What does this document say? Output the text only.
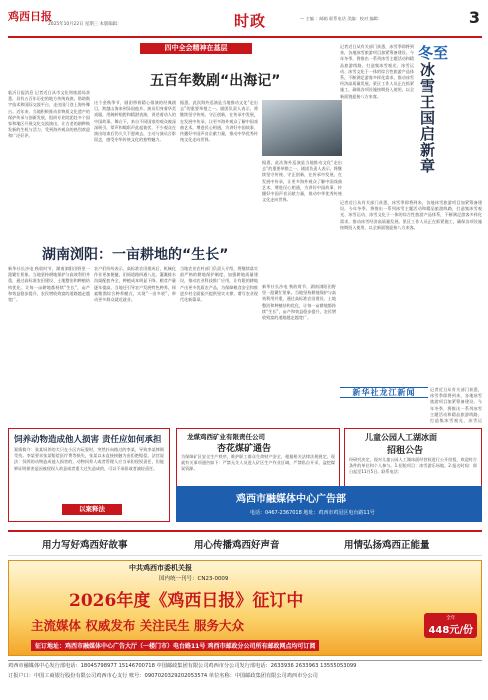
鸡西日报
2025年10月22日 星期三 本版编辑：	时政	— 主编 ：邮箱 联系电话 美编：校对 编辑：	3
四中全会精神在基层
五百年数剧“出海记”
临沂日报消息 记者近日从市文化和旅游局获悉，具有五百年历史的地方传统戏曲，借助数字技术和国际交流平台，走出国门登上海外舞台。近年来，当地积极推动非物质文化遗产的保护传承与创新发展，组织专业院团赴多个国家和地区开展文化交流演出，让古老的剧种焕发新的生机与活力，受到海外观众的热烈欢迎和广泛好评。
这个金秋季节，剧团带着精心排演的经典剧目，跨越山海来到异国他乡。演员们身着华美戏服，用婉转唱腔和精湛表演，讲述着动人的中国故事。舞台下，来自不同国家的观众被深深吸引，掌声和喝彩声此起彼伏，不少观众在演出结束后仍久久不愿离去，主动与演员合影留念，感受中华传统文化的独特魅力。
据悉，此次海外巡演是当地推动文化“走出去”的重要举措之一。剧团负责人表示，将继续坚守传统、守正创新，在传承中发展，在发展中传承，让更多海外观众了解中国戏曲艺术，增进民心相通，为讲好中国故事、传播好中国声音贡献力量，推动中华优秀传统文化走向世界。
据悉，此次海外巡演是当地推动文化“走出去”的重要举措之一。剧团负责人表示，将继续坚守传统、守正创新，在传承中发展，在发展中传承，让更多海外观众了解中国戏曲艺术，增进民心相通，为讲好中国故事、传播好中国声音贡献力量，推动中华优秀传统文化走向世界。
湖南浏阳：一亩耕地的“生长”
新华社长沙电 秋收时节，湖南浏阳田野里一派繁忙景象。当地坚持耕地保护与高效利用并重，通过高标准农田建设、土地整治和种植结构优化，让每一亩耕地都持续“生长”，亩产和效益稳步提升，农民增收致富的道路越走越宽广。
农户们纷纷表示，高标准农田建成后，机械化作业更加便捷，田间道路四通八达，灌溉排水沟渠配套齐全，种植成本明显下降，粮食产量逐年提高。当地还引导农户发展特色种养，探索稻渔综合种养模式，实现“一田多收”，带动更多群众就近就业。
当地农业农村部门负责人介绍，将继续落实最严格的耕地保护制度，加强耕地质量建设，推动农业科技推广应用，让有限的耕地产出更多优质农产品，为保障粮食安全和推进乡村全面振兴提供坚实支撑，谱写农业现代化新篇章。
新华社长沙电 秋收时节，湖南浏阳田野里一派繁忙景象。当地坚持耕地保护与高效利用并重，通过高标准农田建设、土地整治和种植结构优化，让每一亩耕地都持续“生长”，亩产和效益稳步提升，农民增收致富的道路越走越宽广。
记者近日从有关部门获悉，冰雪季即将到来，各地冰雪旅游项目加紧筹备建设。今年冬季，将推出一系列冰雪主题活动和精品旅游线路，打造集冰雪观光、冰雪运动、冰雪文化于一体的综合性旅游产品体系，不断满足游客多样化需求，推动冰雪经济高质量发展。景区工作人员正在抓紧施工，确保各项设施按期投入使用，以全新面貌迎接八方来客。
冬至
冰雪王国启新章
记者近日从有关部门获悉，冰雪季即将到来，各地冰雪旅游项目加紧筹备建设。今年冬季，将推出一系列冰雪主题活动和精品旅游线路，打造集冰雪观光、冰雪运动、冰雪文化于一体的综合性旅游产品体系，不断满足游客多样化需求，推动冰雪经济高质量发展。景区工作人员正在抓紧施工，确保各项设施按期投入使用，以全新面貌迎接八方来客。
新华社龙江新闻	记者近日从有关部门获悉，冰雪季即将到来，各地冰雪旅游项目加紧筹备建设。今年冬季，将推出一系列冰雪主题活动和精品旅游线路，打造集冰雪观光、冰雪运
饲养动物造成他人损害 责任应如何承担
案情简介：张某饲养的犬只在小区内玩耍时，突然扑向路过的李某，导致李某摔倒受伤。李某要求张某赔偿医疗费等损失，张某以未直接接触为由拒绝赔偿。法官说法：饲养的动物造成他人损害的，动物饲养人或者管理人应当承担侵权责任，但能够证明损害是因被侵权人故意或者重大过失造成的，可以不承担或者减轻责任。
以案释法
龙煤鸡西矿业有限责任公司
杏花煤矿通告
为保障矿区安全生产秩序，维护职工群众生命财产安全，根据相关法律法规规定，现就有关事项通告如下：严禁无关人员进入矿区生产作业区域，严禁私自开采、盗挖煤炭资源。
儿童公园人工湖冰面
招租公告
经研究决定，现对儿童公园人工湖冰面经营权进行公开招租，欢迎符合条件的单位和个人参与。1.招租项目：冰雪游乐场地。2.报名时间：即日起至11月5日。联系电话：
鸡西市融媒体中心广告部
电话：0467-2367018 地址：鸡西市鸡冠区电台路11号
用力写好鸡西好故事	用心传播鸡西好声音	用情弘扬鸡西正能量
中共鸡西市委机关报
国内统一刊号：CN23-0009
2026年度《鸡西日报》征订中
主流媒体 权威发布 关注民生 服务大众
征订地址：鸡西市融媒体中心广告大厅（一楼门市）电台路11号 鸡西市邮政分公司所有邮政网点均可订阅
全年
448元/份
鸡西市融媒体中心发行部电话：18045798977 15146700718 中国邮政集团有限公司鸡西市分公司发行部电话：2633936 2633963 13555053099
订报户口：中国工商银行股份有限公司鸡西市心支行 账号：0907020329202053574 单位名称：中国邮政集团有限公司鸡西市分公司
